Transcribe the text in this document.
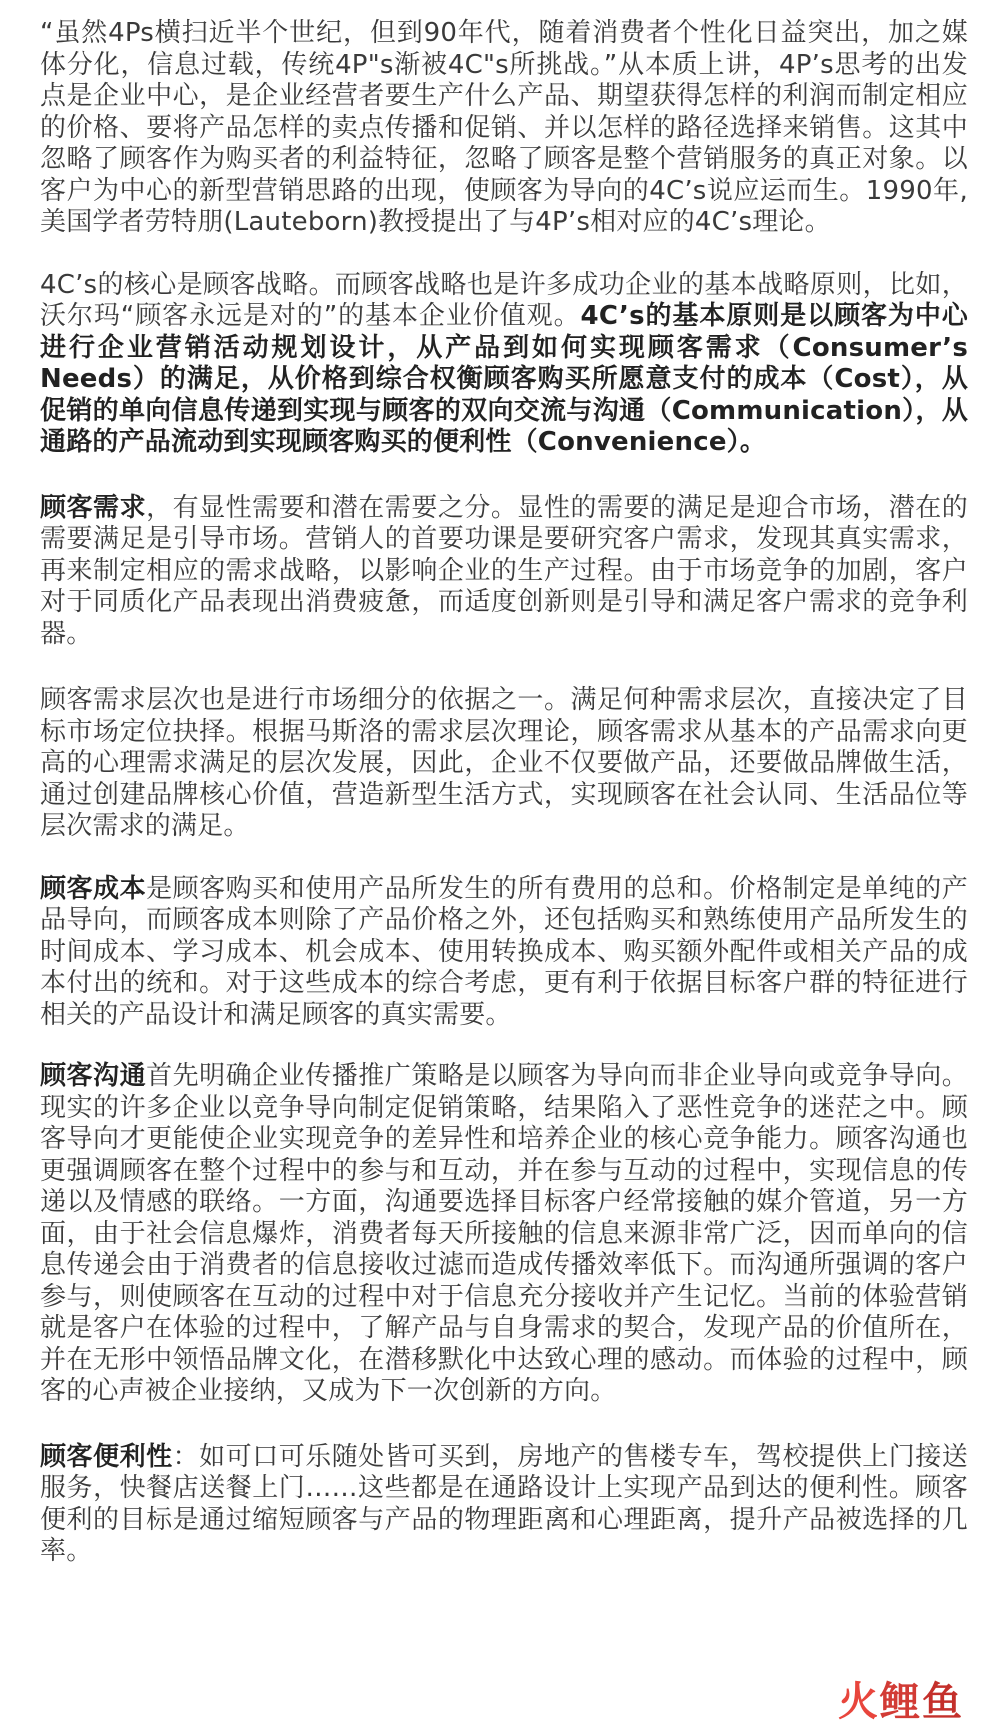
“虽然4Ps横扫近半个世纪，但到90年代，随着消费者个性化日益突出，加之媒体分化，信息过载，传统4P"s渐被4C"s所挑战。”从本质上讲，4P’s思考的出发点是企业中心，是企业经营者要生产什么产品、期望获得怎样的利润而制定相应的价格、要将产品怎样的卖点传播和促销、并以怎样的路径选择来销售。这其中忽略了顾客作为购买者的利益特征，忽略了顾客是整个营销服务的真正对象。以客户为中心的新型营销思路的出现，使顾客为导向的4C’s说应运而生。1990年,美国学者劳特朋(Lauteborn)教授提出了与4P’s相对应的4C’s理论。

4C’s的核心是顾客战略。而顾客战略也是许多成功企业的基本战略原则，比如，沃尔玛“顾客永远是对的”的基本企业价值观。4C’s的基本原则是以顾客为中心进行企业营销活动规划设计，从产品到如何实现顾客需求（Consumer’s Needs）的满足，从价格到综合权衡顾客购买所愿意支付的成本（Cost），从促销的单向信息传递到实现与顾客的双向交流与沟通（Communication），从通路的产品流动到实现顾客购买的便利性（Convenience）。

顾客需求，有显性需要和潜在需要之分。显性的需要的满足是迎合市场，潜在的需要满足是引导市场。营销人的首要功课是要研究客户需求，发现其真实需求，再来制定相应的需求战略，以影响企业的生产过程。由于市场竞争的加剧，客户对于同质化产品表现出消费疲惫，而适度创新则是引导和满足客户需求的竞争利器。

顾客需求层次也是进行市场细分的依据之一。满足何种需求层次，直接决定了目标市场定位抉择。根据马斯洛的需求层次理论，顾客需求从基本的产品需求向更高的心理需求满足的层次发展，因此，企业不仅要做产品，还要做品牌做生活，通过创建品牌核心价值，营造新型生活方式，实现顾客在社会认同、生活品位等层次需求的满足。

顾客成本是顾客购买和使用产品所发生的所有费用的总和。价格制定是单纯的产品导向，而顾客成本则除了产品价格之外，还包括购买和熟练使用产品所发生的时间成本、学习成本、机会成本、使用转换成本、购买额外配件或相关产品的成本付出的统和。对于这些成本的综合考虑，更有利于依据目标客户群的特征进行相关的产品设计和满足顾客的真实需要。

顾客沟通首先明确企业传播推广策略是以顾客为导向而非企业导向或竞争导向。现实的许多企业以竞争导向制定促销策略，结果陷入了恶性竞争的迷茫之中。顾客导向才更能使企业实现竞争的差异性和培养企业的核心竞争能力。顾客沟通也更强调顾客在整个过程中的参与和互动，并在参与互动的过程中，实现信息的传递以及情感的联络。一方面，沟通要选择目标客户经常接触的媒介管道，另一方面，由于社会信息爆炸，消费者每天所接触的信息来源非常广泛，因而单向的信息传递会由于消费者的信息接收过滤而造成传播效率低下。而沟通所强调的客户参与，则使顾客在互动的过程中对于信息充分接收并产生记忆。当前的体验营销就是客户在体验的过程中，了解产品与自身需求的契合，发现产品的价值所在，并在无形中领悟品牌文化，在潜移默化中达致心理的感动。而体验的过程中，顾客的心声被企业接纳，又成为下一次创新的方向。

顾客便利性：如可口可乐随处皆可买到，房地产的售楼专车，驾校提供上门接送服务，快餐店送餐上门……这些都是在通路设计上实现产品到达的便利性。顾客便利的目标是通过缩短顾客与产品的物理距离和心理距离，提升产品被选择的几率。

火鲤鱼
